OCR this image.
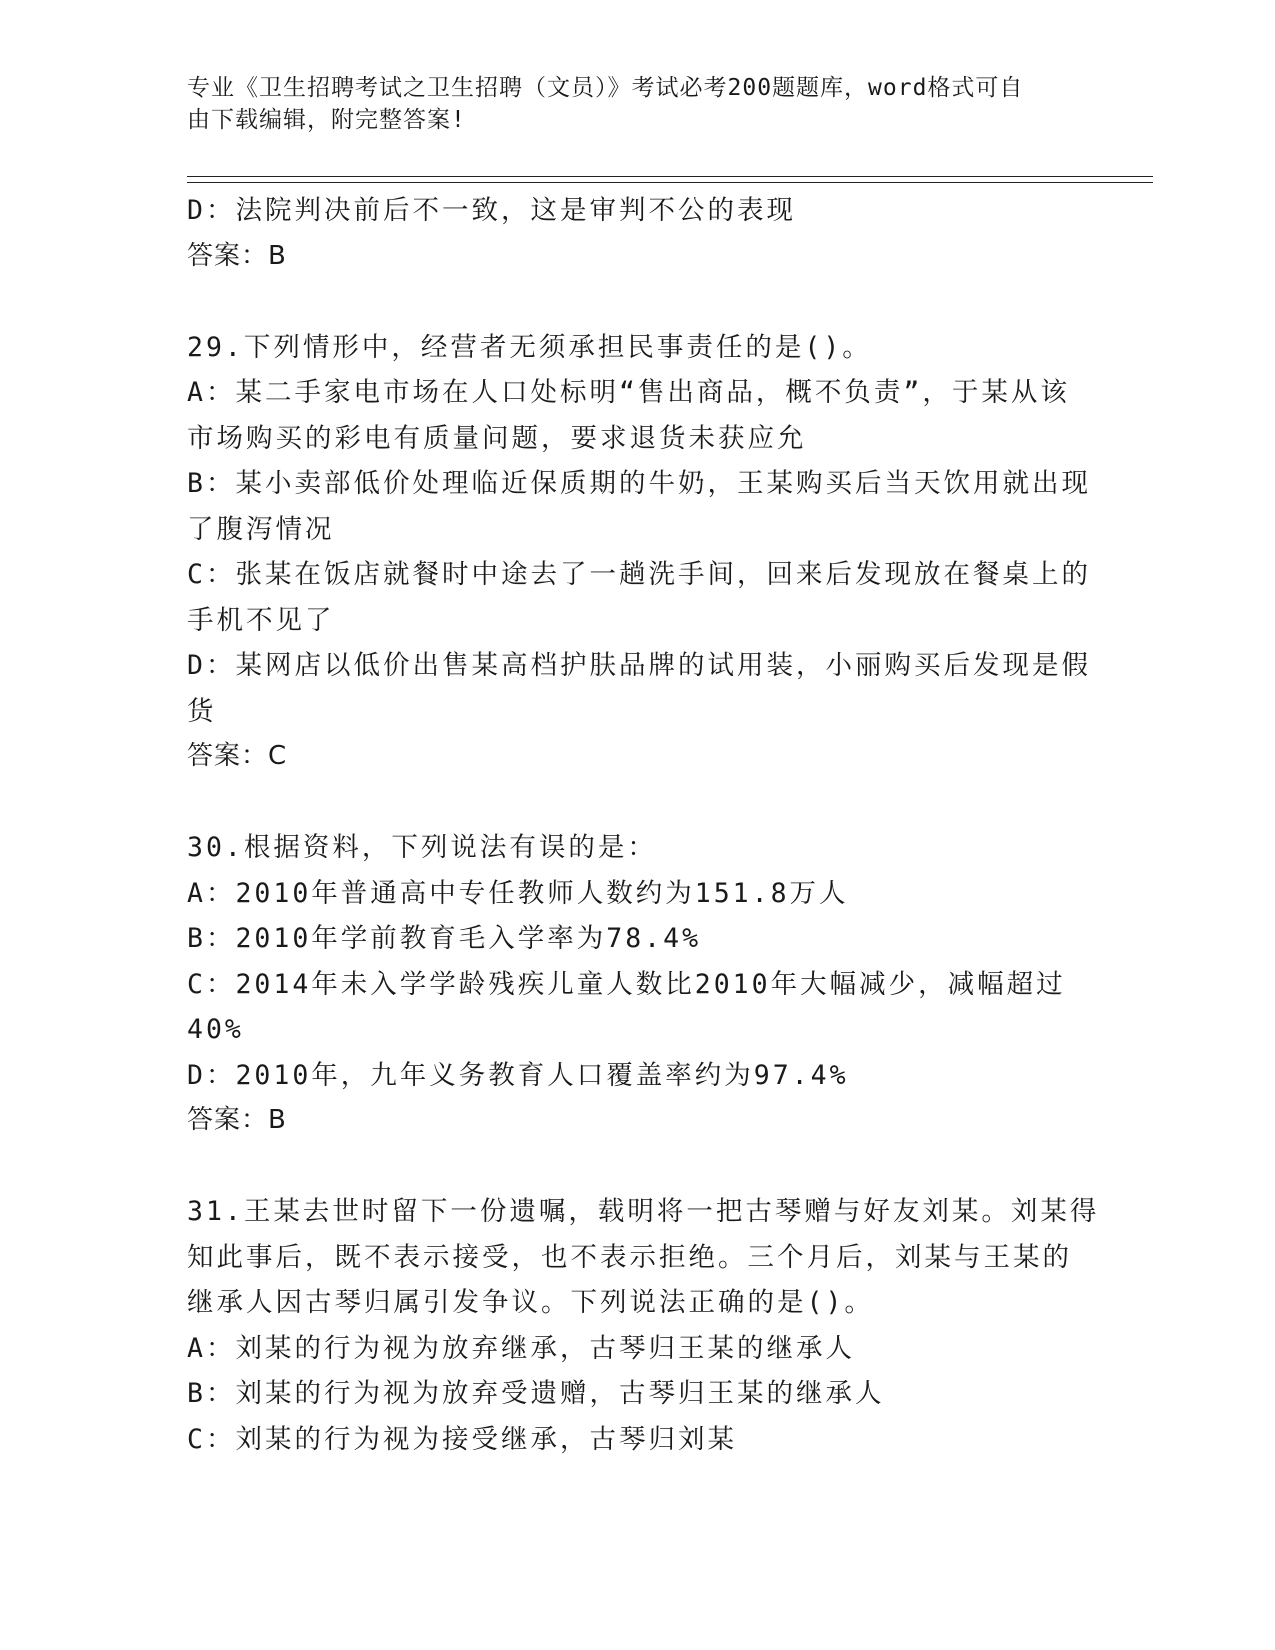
专业《卫生招聘考试之卫生招聘（文员）》考试必考200题题库，word格式可自
由下载编辑，附完整答案!
D：法院判决前后不一致，这是审判不公的表现
答案：B
29.下列情形中，经营者无须承担民事责任的是()。
A：某二手家电市场在人口处标明“售出商品，概不负责”，于某从该
市场购买的彩电有质量问题，要求退货未获应允
B：某小卖部低价处理临近保质期的牛奶，王某购买后当天饮用就出现
了腹泻情况
C：张某在饭店就餐时中途去了一趟洗手间，回来后发现放在餐桌上的
手机不见了
D：某网店以低价出售某高档护肤品牌的试用装，小丽购买后发现是假
货
答案：C
30.根据资料，下列说法有误的是：
A：2010年普通高中专任教师人数约为151.8万人
B：2010年学前教育毛入学率为78.4%
C：2014年未入学学龄残疾儿童人数比2010年大幅减少，减幅超过
40%
D：2010年，九年义务教育人口覆盖率约为97.4%
答案：B
31.王某去世时留下一份遗嘱，载明将一把古琴赠与好友刘某。刘某得
知此事后，既不表示接受，也不表示拒绝。三个月后，刘某与王某的
继承人因古琴归属引发争议。下列说法正确的是()。
A：刘某的行为视为放弃继承，古琴归王某的继承人
B：刘某的行为视为放弃受遗赠，古琴归王某的继承人
C：刘某的行为视为接受继承，古琴归刘某
